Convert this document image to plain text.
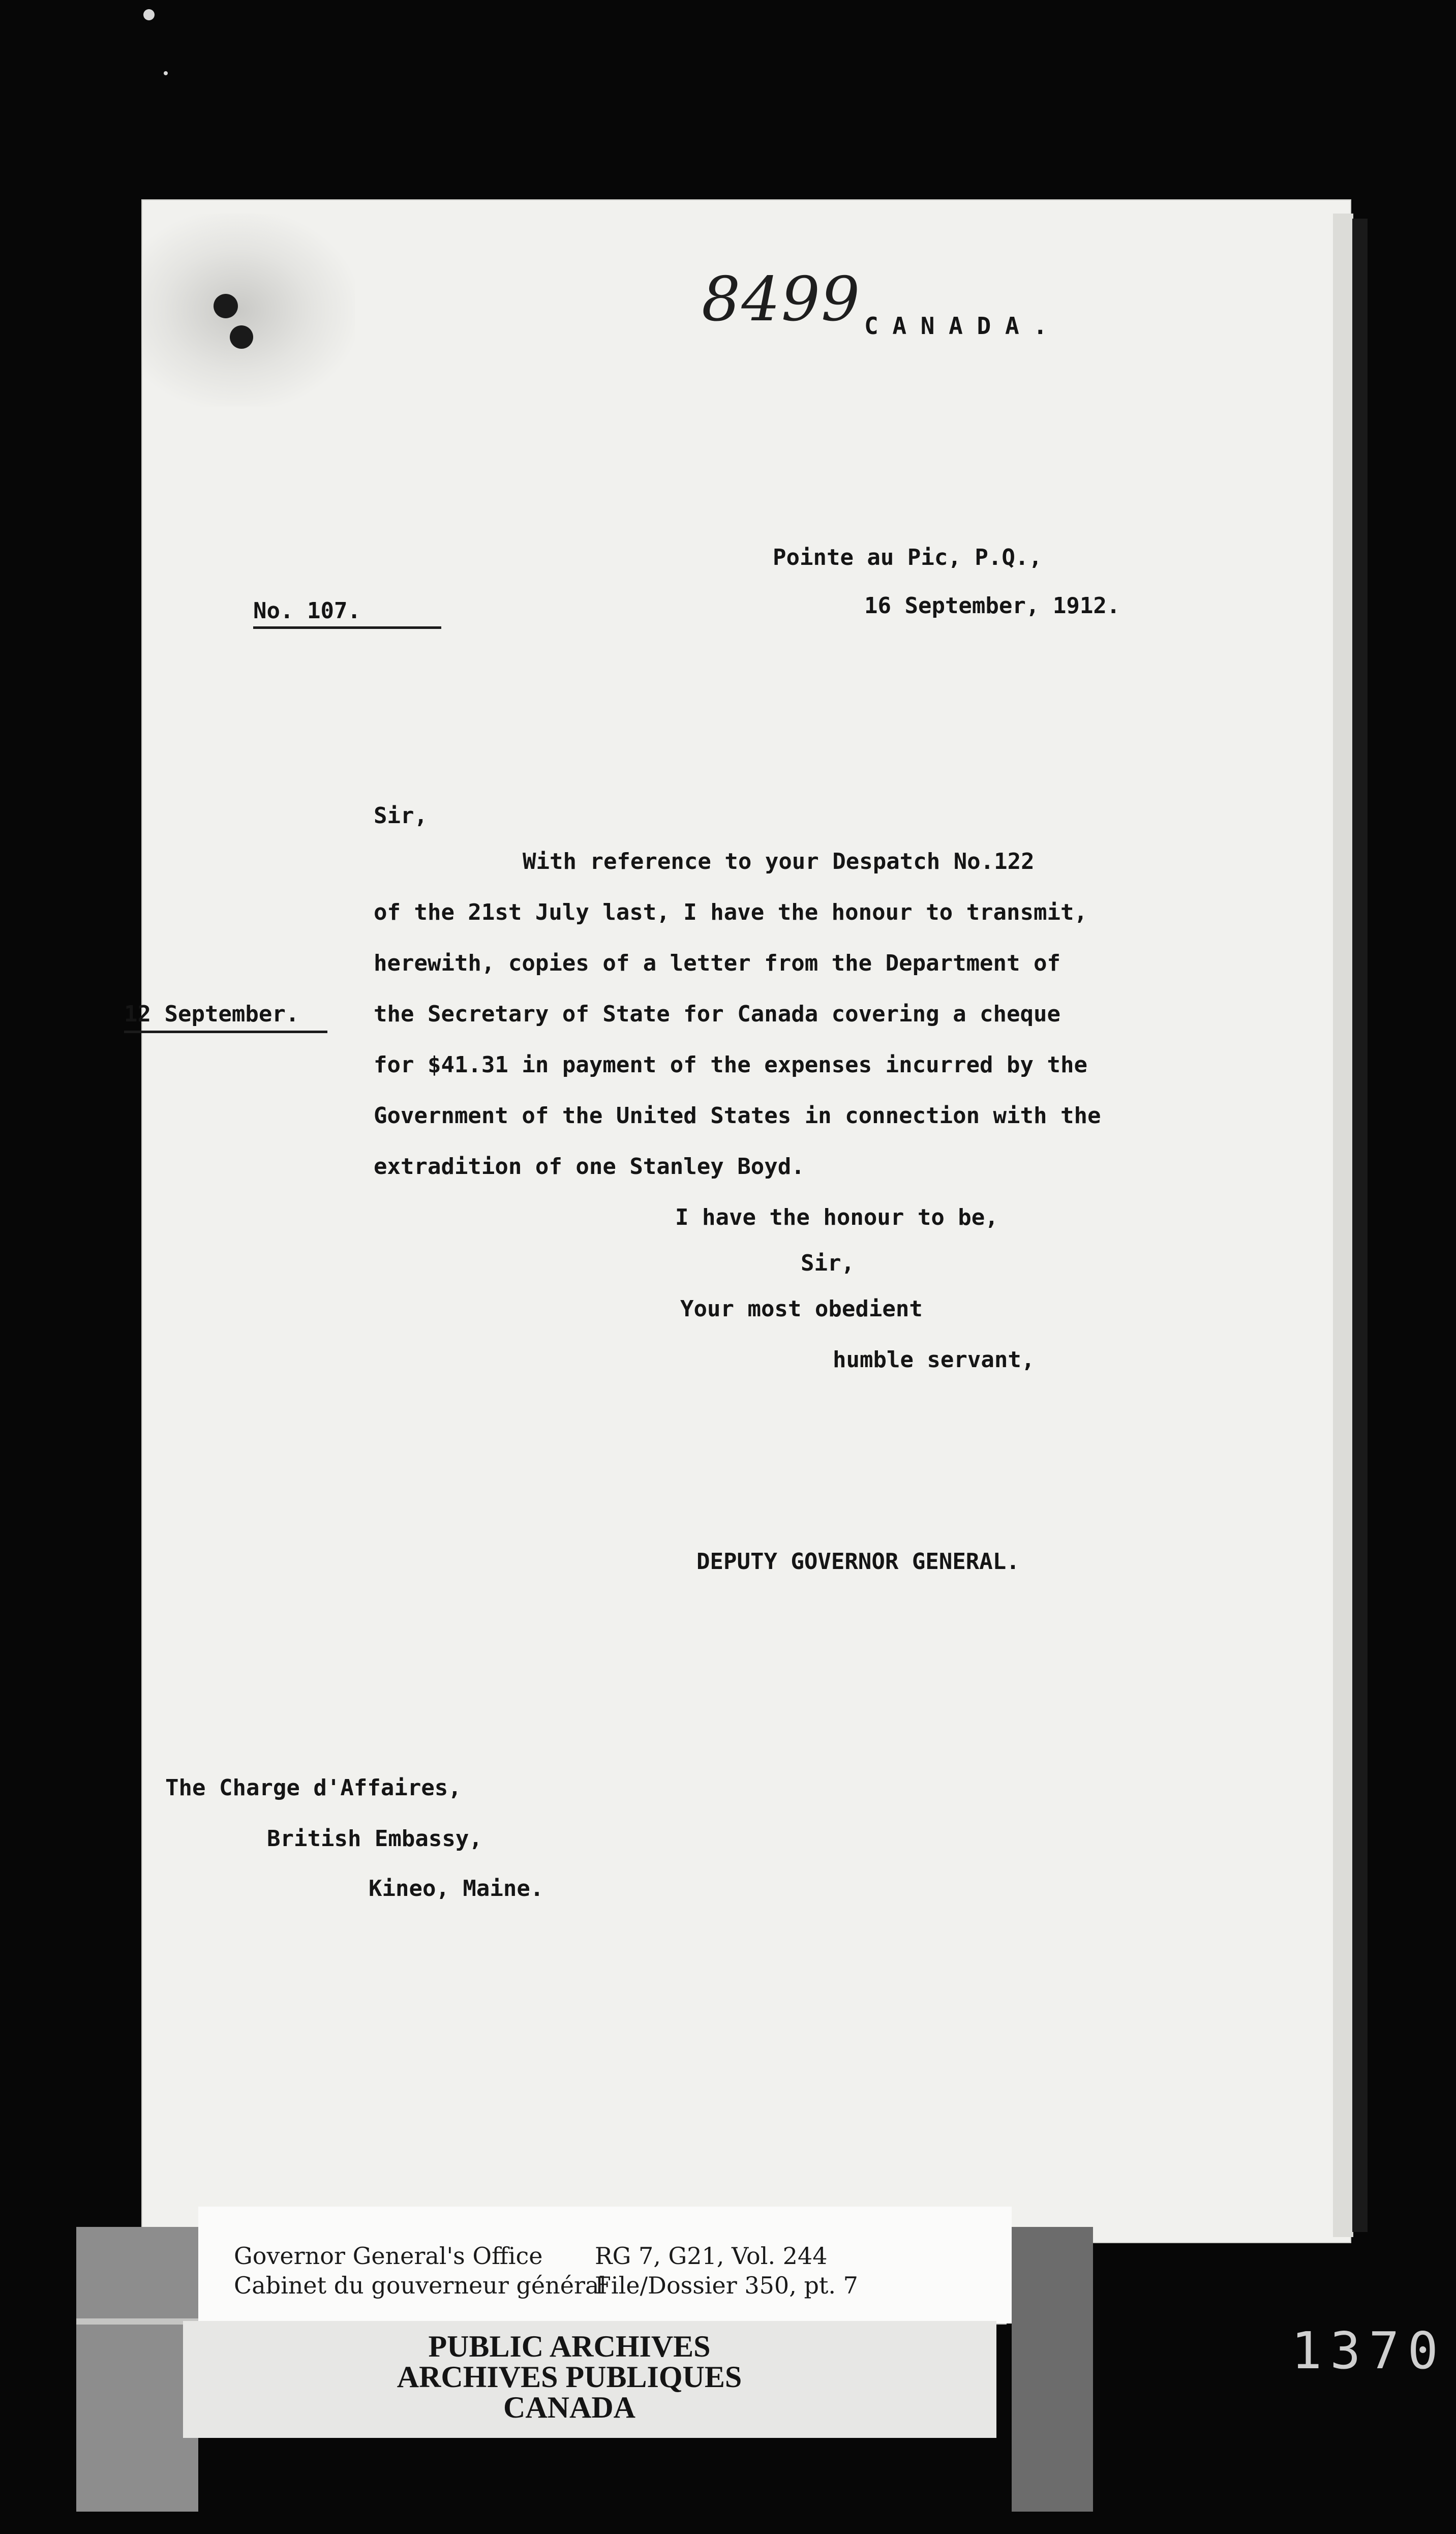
8499 C A N A D A .
Pointe au Pic, P.Q.,
16 September, 1912.
No. 107.
Sir,
With reference to your Despatch No.122
of the 21st July last, I have the honour to transmit,
herewith, copies of a letter from the Department of
the Secretary of State for Canada covering a cheque
for $41.31 in payment of the expenses incurred by the
Government of the United States in connection with the
extradition of one Stanley Boyd.
12 September.
I have the honour to be,
Sir,
Your most obedient
humble servant,
DEPUTY GOVERNOR GENERAL.
The Charge d'Affaires,
British Embassy,
Kineo, Maine.
Governor General's Office
Cabinet du gouverneur général
RG 7, G21, Vol. 244
File/Dossier 350, pt. 7
PUBLIC ARCHIVES
ARCHIVES PUBLIQUES
CANADA
1370
